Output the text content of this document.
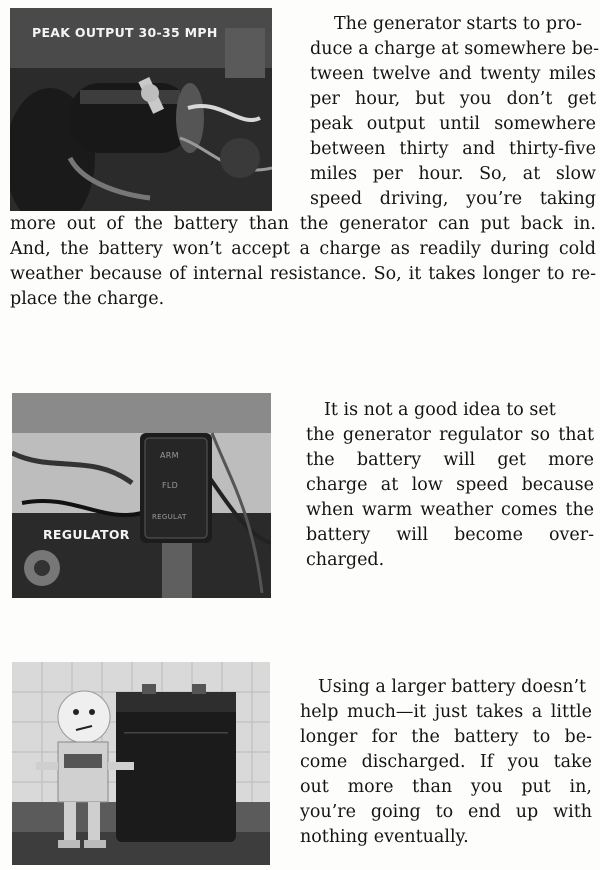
PEAK OUTPUT 30-35 MPH	The generator starts to pro-
duce a charge at somewhere be-
tween twelve and twenty miles
per hour, but you don’t get
peak output until somewhere
between thirty and thirty-five
miles per hour. So, at slow
speed driving, you’re taking
more out of the battery than the generator can put back in.
And, the battery won’t accept a charge as readily during cold
weather because of internal resistance. So, it takes longer to re-
place the charge.
ARM
FLD
REGULAT
REGULATOR
It is not a good idea to set
the generator regulator so that
the battery will get more
charge at low speed because
when warm weather comes the
battery will become over-
charged.
Using a larger battery doesn’t
help much—it just takes a little
longer for the battery to be-
come discharged. If you take
out more than you put in,
you’re going to end up with
nothing eventually.
